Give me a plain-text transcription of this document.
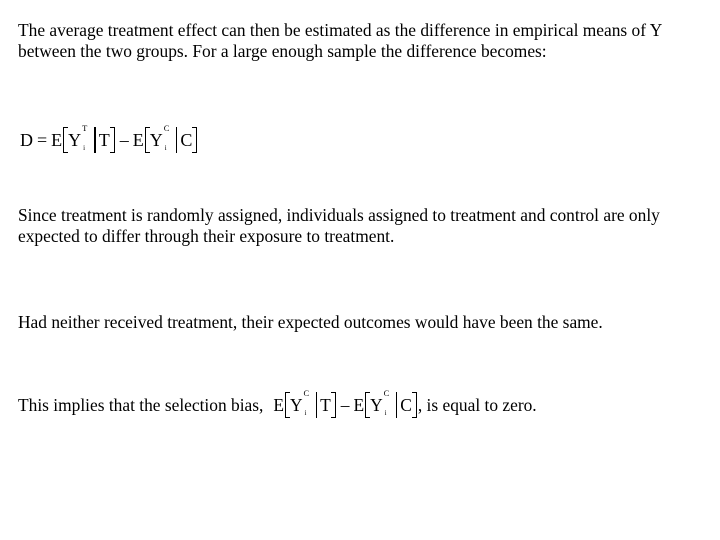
The average treatment effect can then be estimated as the difference in empirical means of Y
between the two groups. For a large enough sample the difference becomes:
D = E Y
T
i T – E Y
C
i C
Since treatment is randomly assigned, individuals assigned to treatment and control are only
expected to differ through their exposure to treatment.
Had neither received treatment, their expected outcomes would have been the same.
This implies that the selection bias, E Y
C
i T – E Y
C
i C , is equal to zero.
